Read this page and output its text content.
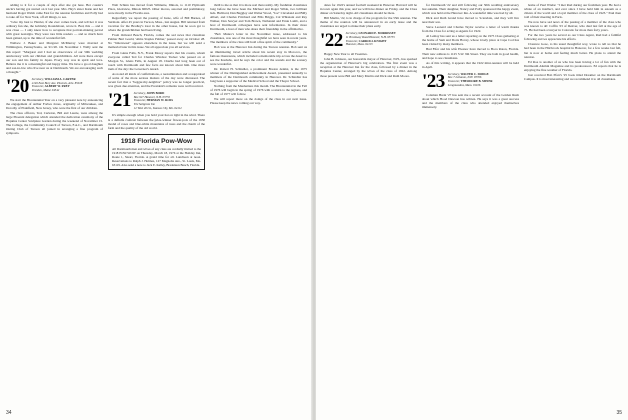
adding to it for a couple of days after she got here. Her cousin's uncle's having got started on it last year. Mrs. Hay's sister Katie and her husband Roger Walsh came East for the reunion festivities and Polly had to take off for New York, off all things, to see.

"Give my best to Harriet, if she ever comes back, and tell her it was ordinary fun she, the Grimsley Roundabout, wrote it. Bad, this — and it was close — I only knew how to recapture that portrait-making period with great nostalgia. They were rare little readers — and so much have been gained, up to the time of wonderful fall.

Wallace J. Baker and Margaret McMurray were married at Wilmington, Pennsylvania, on 9/1/20. On November 1 Wally sent me this report: "Margaret and I had an observance of our 50th wedding anniversary with our children and grandchildren. All were there except our son and his family in Japan. Every way was in spirit and love. Believe me it is a meaningful and happy time. We have a good daughter and son-in-law who live near us at Dartmouth. We are encouraging such a thought."

'20 Secretary, WILLIAM A. CARTER
2149 East Bury Ave. Phoenix, Ariz. 85018
Treasurer, ALBERT W. FREY
Dresden, Maine 04342

We start the Bicentennial Year on a very pleasant note by announcing the engagement of Arthur Forbes Jones, originally of Milwaukee, and Dorothy of Plainfield, New Jersey, who were the first of our children.

The class officers, Ted, Carleton, Bill and Laurie, were among the large Phoenix delegation which attended the dedication ceremony of the Hopkins Center Sculpture Garden during the weekend of November 15. The College, the Community Council of Tucson, F.A.C., and Dartmouth Outing Club of Tucson all joined in arranging a fine program of symposia.

Walt Schinn has moved from Wilmette, Illinois, to 1110 Plymouth Place, Glenview, Illinois 60025. Other moves, assorted and preliminary, were mostly in the Florida area.

Regretfully we report the passing of Irene, wife of Bill Barnes, of Vermont. After 45 years in Tucson, Mass., last August. Bill returned from vacation for the Bradley's treat in the other house, but he soon got to where the grandchildren had been living.

From Ormond Beach, Florida, comes the sad news that classmate Palmer Bert Gould, 'Alma Staples Palmer,' passed away on October 28. No "bittersweet" appears elsewhere in the issue, but we will send a memorial later in this issue. We all appreciate you all services.

From Glens Falls, N.Y., Frank Morey reports that his cousin, whom everyone called Ted for Charles Windsor Tucker who passed on at Morgan St., Glens Falls, in August 18. Charlie had long been out of touch with Dartmouth and few facts are known about him. One more item of the day: the Governor's Award.

As noted all kinds of confirmations, a reexamination and a reappraisal of some of the more serious matters of the day were discussed. The recent fact that a "beggar-thy-neighbor" policy was no longer practical, was given due attention, and the President's remarks were well received.

'21 Secretary, JOHN BORD
Box 927 Hanover, N.H. 03755
Treasurer, HERMAN W. ROSS
The Saltgrass Inn
12 West 4th St., Kansas City, Mo. 64112

It's simple enough when you hold your hat on tight in the wind. There is a definite contrast between the prize-winner flower-pots of the 1930 model of roses and blue-white mountains of trees and the charm of the farm and the quality of the old world.

1918 Florida Pow-Wow
All Dartmouth men and wives of any class are cordially invited to the 1918 POW-WOW on Thursday, March 18, 1976 at the Holiday Inn, Route 1, Stuart, Florida. A grand time for all. Luncheon at noon. Reservations to Ralph J. Holmes, 127 Magnolia Ave., St. Louis, Mo. 63119. Also send a note to Jack E. Kelley, Bradenton Beach, Florida.

thrill to me as that it is more real than reality. My freshman classmates long before me have been the Michael and Roger Wilde, two brilliant lads. Hubbard, Dan Baggley and Walter Wood, "Joe" Cleveland and Billy Albert, and Charles Pritchard and Ellis Briggs, Cal Whisnant and Ray Walker, Dan Sawyer and Tom Brown, Nathaniel and Ernie Lamb, and a host of Dartmouth colleagues have sent information. In their more Dartmouth, a host of men who share their friendship in the affirmative.

"Bob Munro's letter in the November issue, addressed to his classmates, was one of the most thoughtful we have seen in recent years. The members of the class still hold a fine spirit of the community."

Bob was at the Hanover Inn during the Tucson reunion. Bob sent us an illuminating travel article about his recent stay in Morocco, the famous Ouarzazate, which included a memorable trip across the desert to see the Kasbahs, and he says the color and the sounds and the scenery were wonderful.

Dr. Robert H. Schindler, a prominent Boston dentist, is the 1975 winner of the Distinguished Achievement Award, presented annually to members of the Dartmouth community in Hanover. Dr. Schindler has long been a supporter of the Medical School and the Thayer School.

Nothing from the Manhattans this month. The Bicentennial in the Fall of 1976 will begin in the spring of 1976 with a return to the regions, and the fall of 1977 will follow.

We will report more on the doings of the class in our next issue. Please keep the news coming our way.

34

dates for 1922's annual football weekend in Hanover. Harvard will be in town again this year, and we will have dinner on Friday, and the Class dinner on Saturday night. All classmates should be there.

Bill Martin, '22, is in charge of the program for the 55th reunion. The theme of the reunion will be announced in an early issue and the classmates are urged to make their plans early.

'22 Secretary, LEONARD E. MORRISSEY
11 Brookway Road Hanover, N.H. 03755
Treasurer, CARROLL KNIGHT
Hanover, Mass. 02113

Happy New Year to all Twenties.

John B. Johnson, our honorable mayor of Hanover, N.H., has sparked the organization of Hanover's big celebration. The first event was a reception at the Hanover Inn for the class, followed by a dinner in the Hopkins Center, arranged by the wives of the class of 1922. Among those present were Bill and Mary Martin and Dick and Ruth Moore.

for Dartmouth '22 and still following our 50th wedding anniversary last autumn. Their daughter, Nancy and Polly sponsored the happy event, which was held at the Hanover Inn. A wonderful time was had by all.

Dick and Ruth Grand have moved to Scarsdale, and they will live near their son.

Steve Leonard and Charles Taylor receive a letter of warm thanks from the Class for acting as Agents for 1922.

Al Lemay has sent us a letter reporting on the 1975 Class gathering at the home of Sam and Doris Hovey, whose lovely place at Cape Cod has been visited by many members.

Bud Fifer and his wife Eleanor have moved to Boca Raton, Florida. Their new address is 1125 S.W. 9th Street. They are both in good health, and hope to see classmates.

As of this writing, it appears that the 1922 mini-reunion will be held in April.

'23 Secretary, WALTER C. DODGE
Box 7 Lebanon, N.H. 03766
Treasurer, THEODORE B. MINER
Longmeadow, Mass. 01106

Coleman Brent '27 has sent me a recent account of the Golden Rush about which Hood Dawson has written. He says it was a great success and the members of the class who attended enjoyed themselves immensely.

home of Paul Wiebe: "I met Rud during our freshman year. He had a whale of an intellect, and ever since I have held him in esteem as a citizen of the world and a loyal member of the class of 1923." Paul then told of their meeting in Paris.

We now have sad news of the passing of a member of the class who was known to all: Coffin '23 of Denver, who died last fall at the age of 75. He had been a lawyer in Colorado for more than forty years.

For the two years he served as our Class Agent, Rud had a faithful following and we appreciate his efforts.

Clarence Gose, to his usual thoughtful way, wrote to tell us that he had been in the Hitchcock hospital in Hanover, for a few weeks last fall, but is now at home and feeling much better. He plans to attend the reunion.

Ed Roe is another of us who has been having a lot of fun with the Dartmouth Alumni Magazine and its predecessors. Ed reports that he is enjoying the fine weather of Florida.

Just received Bob Pfarr's '25 book titled Dreamer on the Dartmouth Campus. It is most interesting and we recommend it to all classmates.

35
